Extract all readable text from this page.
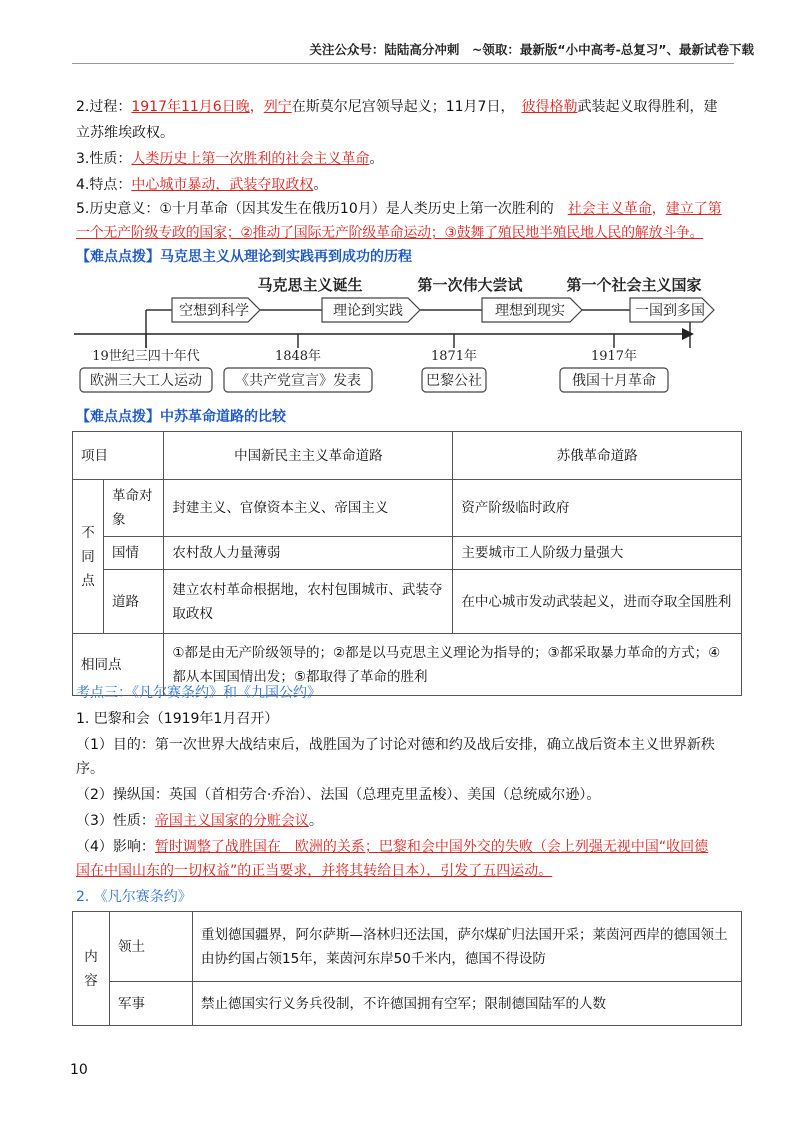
关注公众号：陆陆高分冲刺　~领取：最新版“小中高考-总复习”、最新试卷下载
2.过程：1917年11月6日晚，列宁在斯莫尔尼宫领导起义；11月7日，　 彼得格勒武装起义取得胜利，建
立苏维埃政权。
3.性质：人类历史上第一次胜利的社会主义革命。
4.特点：中心城市暴动，武装夺取政权。
5.历史意义：①十月革命（因其发生在俄历10月）是人类历史上第一次胜利的　 社会主义革命，建立了第
一个无产阶级专政的国家；②推动了国际无产阶级革命运动；③鼓舞了殖民地半殖民地人民的解放斗争。
【难点点拨】马克思主义从理论到实践再到成功的历程
马克思主义诞生	第一次伟大尝试	第一个社会主义国家
空想到科学	理论到实践	理想到现实	一国到多国
19世纪三四十年代	1848年	1871年	1917年
欧洲三大工人运动 《共产党宣言》发表	巴黎公社	俄国十月革命
【难点点拨】中苏革命道路的比较
项目		中国新民主主义革命道路	苏俄革命道路
不同点	革命对象	封建主义、官僚资本主义、帝国主义	资产阶级临时政府
	国情	农村敌人力量薄弱	主要城市工人阶级力量强大
	道路	建立农村革命根据地，农村包围城市、武装夺取政权	在中心城市发动武装起义，进而夺取全国胜利
相同点		①都是由无产阶级领导的；②都是以马克思主义理论为指导的；③都采取暴力革命的方式；④都从本国国情出发；⑤都取得了革命的胜利	
考点三：《凡尔赛条约》和《九国公约》
1. 巴黎和会（1919年1月召开）
（1）目的：第一次世界大战结束后，战胜国为了讨论对德和约及战后安排，确立战后资本主义世界新秩
序。
（2）操纵国：英国（首相劳合·乔治）、法国（总理克里孟梭）、美国（总统威尔逊）。
（3）性质：帝国主义国家的分赃会议。
（4）影响：暂时调整了战胜国在　欧洲的关系；巴黎和会中国外交的失败（会上列强无视中国“收回德
国在中国山东的一切权益”的正当要求，并将其转给日本），引发了五四运动。
2. 《凡尔赛条约》
内容	领土	重划德国疆界，阿尔萨斯—洛林归还法国，萨尔煤矿归法国开采；莱茵河西岸的德国领土由协约国占领15年，莱茵河东岸50千米内，德国不得设防
	军事	禁止德国实行义务兵役制，不许德国拥有空军；限制德国陆军的人数
10
